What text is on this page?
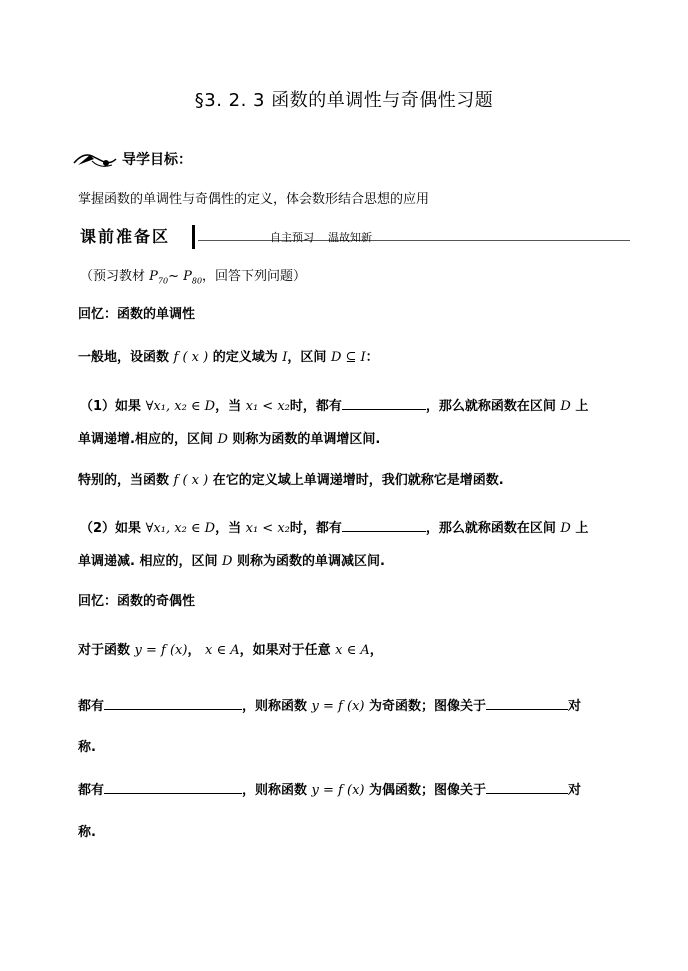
§3. 2. 3 函数的单调性与奇偶性习题
导学目标：
掌握函数的单调性与奇偶性的定义，体会数形结合思想的应用
课前准备区	自主预习 温故知新
（预习教材 $P_{70}\sim$ $P_{80}$，回答下列问题）
回忆：函数的单调性
一般地，设函数 f ( x ) 的定义域为 I，区间 D ⊆ I：
（1）如果 ∀x₁, x₂ ∈ D，当 x₁ < x₂时，都有	，那么就称函数在区间 D 上
单调递增.相应的，区间 D 则称为函数的单调增区间.
特别的，当函数 f ( x ) 在它的定义域上单调递增时，我们就称它是增函数.
（2）如果 ∀x₁, x₂ ∈ D，当 x₁ < x₂时，都有	，那么就称函数在区间 D 上
单调递减. 相应的，区间 D 则称为函数的单调减区间.
回忆：函数的奇偶性
对于函数 y = f (x)， x ∈ A，如果对于任意 x ∈ A，
都有	，则称函数 y = f (x) 为奇函数；图像关于	对
称.
都有	，则称函数 y = f (x) 为偶函数；图像关于	对
称.
